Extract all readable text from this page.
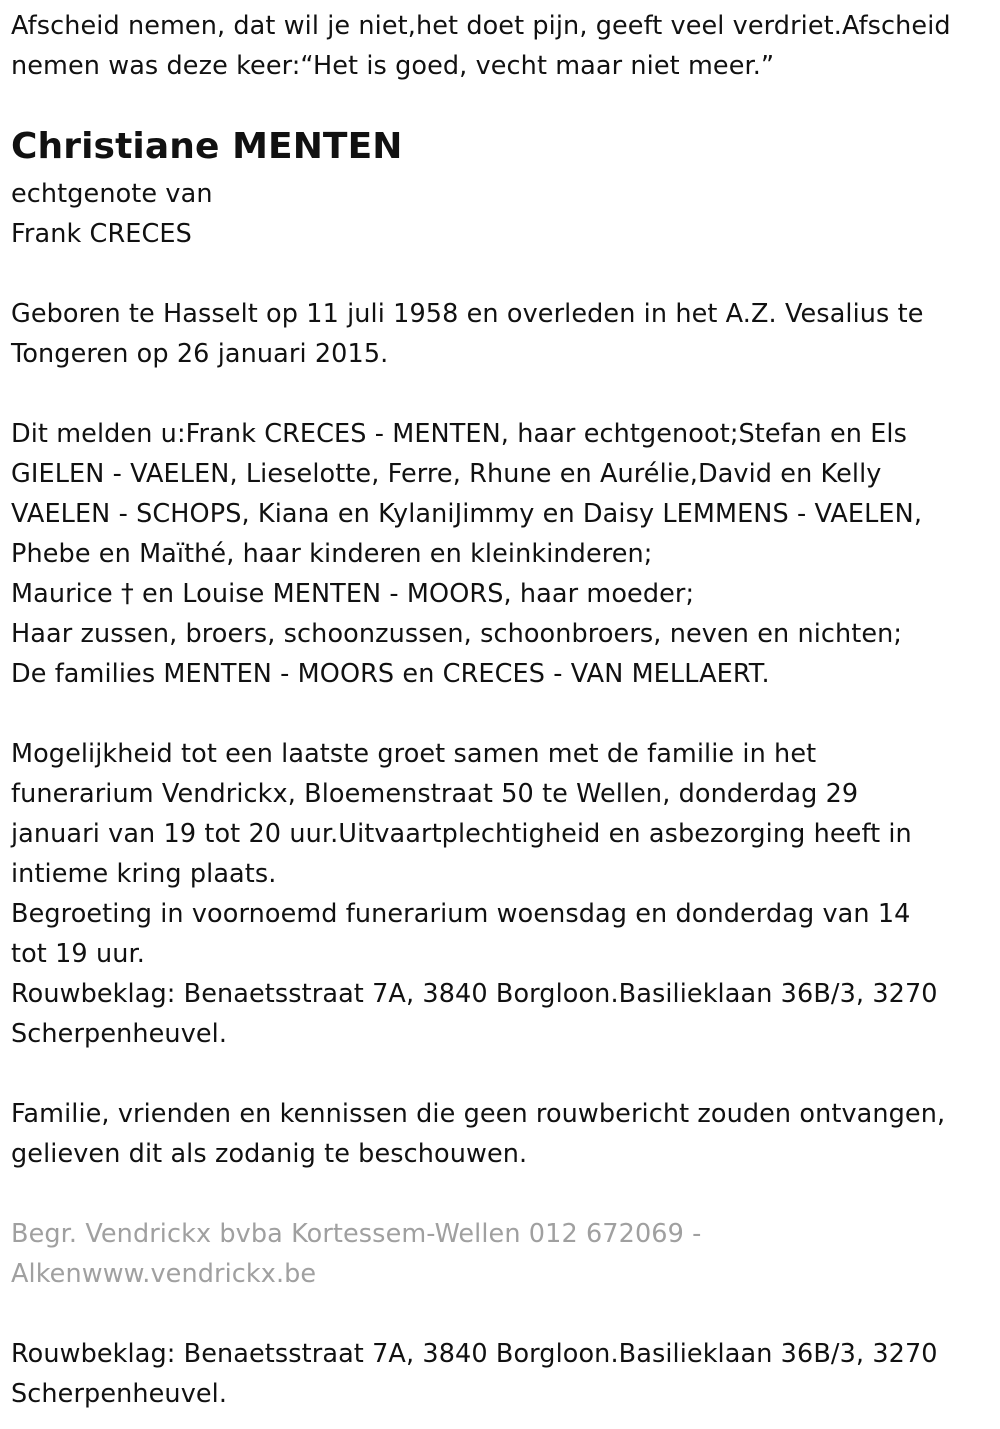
Afscheid nemen, dat wil je niet,het doet pijn, geeft veel verdriet.Afscheid
nemen was deze keer:“Het is goed, vecht maar niet meer.”
Christiane MENTEN
echtgenote van
Frank CRECES
Geboren te Hasselt op 11 juli 1958 en overleden in het A.Z. Vesalius te
Tongeren op 26 januari 2015.
Dit melden u:Frank CRECES - MENTEN, haar echtgenoot;Stefan en Els
GIELEN - VAELEN, Lieselotte, Ferre, Rhune en Aurélie,David en Kelly
VAELEN - SCHOPS, Kiana en KylaniJimmy en Daisy LEMMENS - VAELEN,
Phebe en Maïthé, haar kinderen en kleinkinderen;
Maurice † en Louise MENTEN - MOORS, haar moeder;
Haar zussen, broers, schoonzussen, schoonbroers, neven en nichten;
De families MENTEN - MOORS en CRECES - VAN MELLAERT.
Mogelijkheid tot een laatste groet samen met de familie in het
funerarium Vendrickx, Bloemenstraat 50 te Wellen, donderdag 29
januari van 19 tot 20 uur.Uitvaartplechtigheid en asbezorging heeft in
intieme kring plaats.
Begroeting in voornoemd funerarium woensdag en donderdag van 14
tot 19 uur.
Rouwbeklag: Benaetsstraat 7A, 3840 Borgloon.Basilieklaan 36B/3, 3270
Scherpenheuvel.
Familie, vrienden en kennissen die geen rouwbericht zouden ontvangen,
gelieven dit als zodanig te beschouwen.
Begr. Vendrickx bvba Kortessem-Wellen 012 672069 -
Alkenwww.vendrickx.be
Rouwbeklag: Benaetsstraat 7A, 3840 Borgloon.Basilieklaan 36B/3, 3270
Scherpenheuvel.
